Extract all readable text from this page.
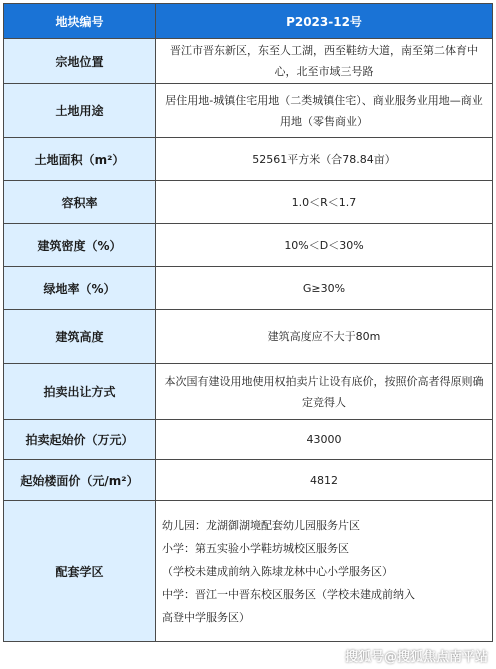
地块编号	P2023-12号
宗地位置	晋江市晋东新区，东至人工湖，西至鞋纺大道，南至第二体育中心，北至市域三号路
土地用途	居住用地-城镇住宅用地（二类城镇住宅）、商业服务业用地—商业用地（零售商业）
土地面积（m²）	52561平方米（合78.84亩）
容积率	1.0＜R＜1.7
建筑密度（%）	10%＜D＜30%
绿地率（%）	G≥30%
建筑高度	建筑高度应不大于80m
拍卖出让方式	本次国有建设用地使用权拍卖片让设有底价，按照价高者得原则确定竞得人
拍卖起始价（万元）	43000
起始楼面价（元/m²）	4812
配套学区	幼儿园：龙湖御湖境配套幼儿园服务片区
小学：第五实验小学鞋坊城校区服务区
（学校未建成前纳入陈埭龙林中心小学服务区）
中学：晋江一中晋东校区服务区（学校未建成前纳入
高登中学服务区）
搜狐号@搜狐焦点南平站
